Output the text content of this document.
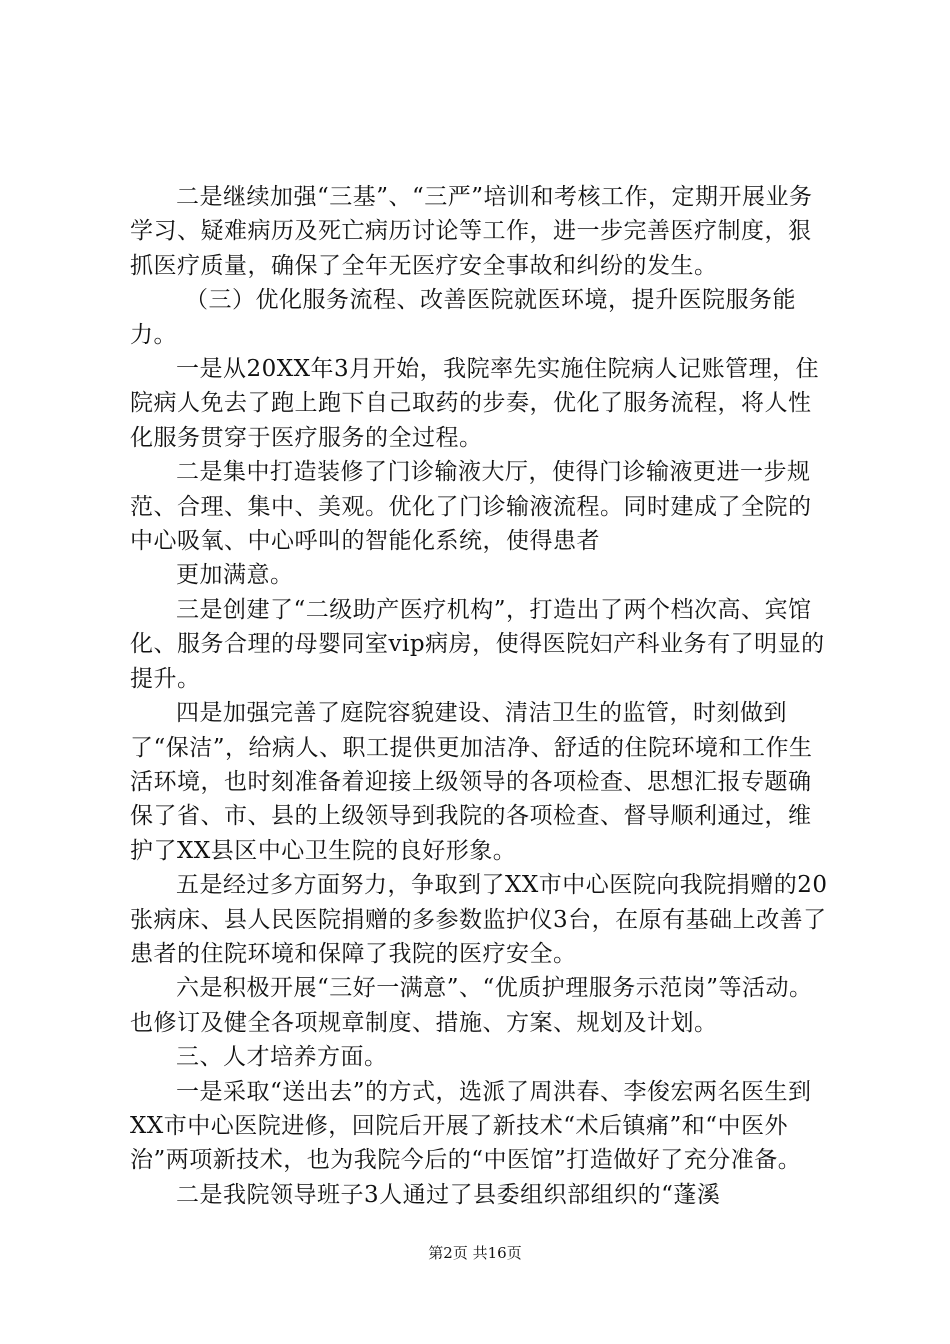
二是继续加强“三基”、“三严”培训和考核工作，定期开展业务学习、疑难病历及死亡病历讨论等工作，进一步完善医疗制度，狠抓医疗质量，确保了全年无医疗安全事故和纠纷的发生。

（三）优化服务流程、改善医院就医环境，提升医院服务能力。

一是从20XX年3月开始，我院率先实施住院病人记账管理，住院病人免去了跑上跑下自己取药的步奏，优化了服务流程，将人性化服务贯穿于医疗服务的全过程。

二是集中打造装修了门诊输液大厅，使得门诊输液更进一步规范、合理、集中、美观。优化了门诊输液流程。同时建成了全院的中心吸氧、中心呼叫的智能化系统，使得患者

更加满意。

三是创建了“二级助产医疗机构”，打造出了两个档次高、宾馆化、服务合理的母婴同室vip病房，使得医院妇产科业务有了明显的提升。

四是加强完善了庭院容貌建设、清洁卫生的监管，时刻做到了“保洁”，给病人、职工提供更加洁净、舒适的住院环境和工作生活环境，也时刻准备着迎接上级领导的各项检查、思想汇报专题确保了省、市、县的上级领导到我院的各项检查、督导顺利通过，维护了XX县区中心卫生院的良好形象。

五是经过多方面努力，争取到了XX市中心医院向我院捐赠的20张病床、县人民医院捐赠的多参数监护仪3台，在原有基础上改善了患者的住院环境和保障了我院的医疗安全。

六是积极开展“三好一满意”、“优质护理服务示范岗”等活动。也修订及健全各项规章制度、措施、方案、规划及计划。

三、人才培养方面。

一是采取“送出去”的方式，选派了周洪春、李俊宏两名医生到XX市中心医院进修，回院后开展了新技术“术后镇痛”和“中医外治”两项新技术，也为我院今后的“中医馆”打造做好了充分准备。

二是我院领导班子3人通过了县委组织部组织的“蓬溪

第2页 共16页
